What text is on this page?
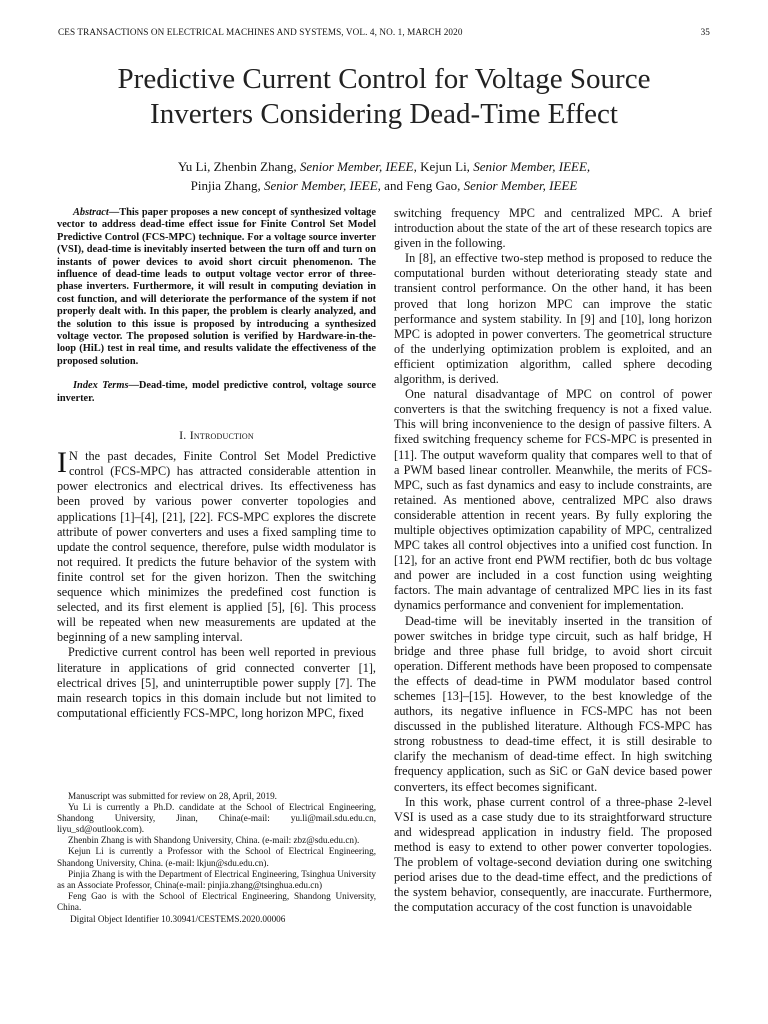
CES TRANSACTIONS ON ELECTRICAL MACHINES AND SYSTEMS, VOL. 4, NO. 1, MARCH 2020	35
Predictive Current Control for Voltage Source
Inverters Considering Dead-Time Effect
Yu Li, Zhenbin Zhang, Senior Member, IEEE, Kejun Li, Senior Member, IEEE,
Pinjia Zhang, Senior Member, IEEE, and Feng Gao, Senior Member, IEEE

Abstract—This paper proposes a new concept of synthesized voltage vector to address dead-time effect issue for Finite Control Set Model Predictive Control (FCS-MPC) technique. For a voltage source inverter (VSI), dead-time is inevitably inserted between the turn off and turn on instants of power devices to avoid short circuit phenomenon. The influence of dead-time leads to output voltage vector error of three-phase inverters. Furthermore, it will result in computing deviation in cost function, and will deteriorate the performance of the system if not properly dealt with. In this paper, the problem is clearly analyzed, and the solution to this issue is proposed by introducing a synthesized voltage vector. The proposed solution is verified by Hardware-in-the-loop (HiL) test in real time, and results validate the effectiveness of the proposed solution.

Index Terms—Dead-time, model predictive control, voltage source inverter.

I. Introduction

I N the past decades, Finite Control Set Model Predictive control (FCS-MPC) has attracted considerable attention in power electronics and electrical drives. Its effectiveness has been proved by various power converter topologies and applications [1]–[4], [21], [22]. FCS-MPC explores the discrete attribute of power converters and uses a fixed sampling time to update the control sequence, therefore, pulse width modulator is not required. It predicts the future behavior of the system with finite control set for the given horizon. Then the switching sequence which minimizes the predefined cost function is selected, and its first element is applied [5], [6]. This process will be repeated when new measurements are updated at the beginning of a new sampling interval.

Predictive current control has been well reported in previous literature in applications of grid connected converter [1], electrical drives [5], and uninterruptible power supply [7]. The main research topics in this domain include but not limited to computational efficiently FCS-MPC, long horizon MPC, fixed

switching frequency MPC and centralized MPC. A brief introduction about the state of the art of these research topics are given in the following.

In [8], an effective two-step method is proposed to reduce the computational burden without deteriorating steady state and transient control performance. On the other hand, it has been proved that long horizon MPC can improve the static performance and system stability. In [9] and [10], long horizon MPC is adopted in power converters. The geometrical structure of the underlying optimization problem is exploited, and an efficient optimization algorithm, called sphere decoding algorithm, is derived.

One natural disadvantage of MPC on control of power converters is that the switching frequency is not a fixed value. This will bring inconvenience to the design of passive filters. A fixed switching frequency scheme for FCS-MPC is presented in [11]. The output waveform quality that compares well to that of a PWM based linear controller. Meanwhile, the merits of FCS-MPC, such as fast dynamics and easy to include constraints, are retained. As mentioned above, centralized MPC also draws considerable attention in recent years. By fully exploring the multiple objectives optimization capability of MPC, centralized MPC takes all control objectives into a unified cost function. In [12], for an active front end PWM rectifier, both dc bus voltage and power are included in a cost function using weighting factors. The main advantage of centralized MPC lies in its fast dynamics performance and convenient for implementation.

Dead-time will be inevitably inserted in the transition of power switches in bridge type circuit, such as half bridge, H bridge and three phase full bridge, to avoid short circuit operation. Different methods have been proposed to compensate the effects of dead-time in PWM modulator based control schemes [13]–[15]. However, to the best knowledge of the authors, its negative influence in FCS-MPC has not been discussed in the published literature. Although FCS-MPC has strong robustness to dead-time effect, it is still desirable to clarify the mechanism of dead-time effect. In high switching frequency application, such as SiC or GaN device based power converters, its effect becomes significant.

In this work, phase current control of a three-phase 2-level VSI is used as a case study due to its straightforward structure and widespread application in industry field. The proposed method is easy to extend to other power converter topologies. The problem of voltage-second deviation during one switching period arises due to the dead-time effect, and the predictions of the system behavior, consequently, are inaccurate. Furthermore, the computation accuracy of the cost function is unavoidable

Manuscript was submitted for review on 28, April, 2019.

Yu Li is currently a Ph.D. candidate at the School of Electrical Engineering, Shandong University, Jinan, China(e-mail: yu.li@mail.sdu.edu.cn, liyu_sd@outlook.com).

Zhenbin Zhang is with Shandong University, China. (e-mail: zbz@sdu.edu.cn).

Kejun Li is currently a Professor with the School of Electrical Engineering, Shandong University, China. (e-mail: lkjun@sdu.edu.cn).

Pinjia Zhang is with the Department of Electrical Engineering, Tsinghua University as an Associate Professor, China(e-mail: pinjia.zhang@tsinghua.edu.cn)

Feng Gao is with the School of Electrical Engineering, Shandong University, China.

Digital Object Identifier 10.30941/CESTEMS.2020.00006
